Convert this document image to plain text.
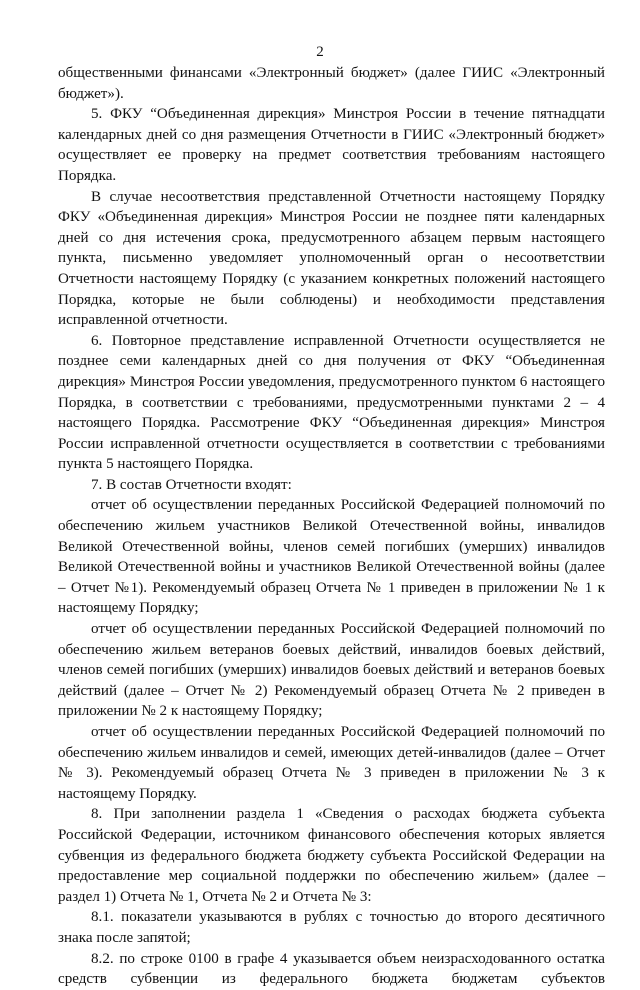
2

общественными финансами «Электронный бюджет» (далее ГИИС «Электронный бюджет»).

5. ФКУ “Объединенная дирекция» Минстроя России в течение пятнадцати календарных дней со дня размещения Отчетности в ГИИС «Электронный бюджет» осуществляет ее проверку на предмет соответствия требованиям настоящего Порядка.

В случае несоответствия представленной Отчетности настоящему Порядку ФКУ «Объединенная дирекция» Минстроя России не позднее пяти календарных дней со дня истечения срока, предусмотренного абзацем первым настоящего пункта, письменно уведомляет уполномоченный орган о несоответствии Отчетности настоящему Порядку (с указанием конкретных положений настоящего Порядка, которые не были соблюдены) и необходимости представления исправленной отчетности.

6. Повторное представление исправленной Отчетности осуществляется не позднее семи календарных дней со дня получения от ФКУ “Объединенная дирекция» Минстроя России уведомления, предусмотренного пунктом 6 настоящего Порядка, в соответствии с требованиями, предусмотренными пунктами 2 – 4 настоящего Порядка. Рассмотрение ФКУ “Объединенная дирекция» Минстроя России исправленной отчетности осуществляется в соответствии с требованиями пункта 5 настоящего Порядка.

7. В состав Отчетности входят:

отчет об осуществлении переданных Российской Федерацией полномочий по обеспечению жильем участников Великой Отечественной войны, инвалидов Великой Отечественной войны, членов семей погибших (умерших) инвалидов Великой Отечественной войны и участников Великой Отечественной войны (далее – Отчет №1). Рекомендуемый образец Отчета № 1 приведен в приложении № 1 к настоящему Порядку;

отчет об осуществлении переданных Российской Федерацией полномочий по обеспечению жильем ветеранов боевых действий, инвалидов боевых действий, членов семей погибших (умерших) инвалидов боевых действий и ветеранов боевых действий (далее – Отчет № 2) Рекомендуемый образец Отчета № 2 приведен в приложении № 2 к настоящему Порядку;

отчет об осуществлении переданных Российской Федерацией полномочий по обеспечению жильем инвалидов и семей, имеющих детей-инвалидов (далее – Отчет № 3). Рекомендуемый образец Отчета № 3 приведен в приложении № 3 к настоящему Порядку.

8. При заполнении раздела 1 «Сведения о расходах бюджета субъекта Российской Федерации, источником финансового обеспечения которых является субвенция из федерального бюджета бюджету субъекта Российской Федерации на предоставление мер социальной поддержки по обеспечению жильем» (далее – раздел 1) Отчета № 1, Отчета № 2 и Отчета № 3:

8.1. показатели указываются в рублях с точностью до второго десятичного знака после запятой;

8.2. по строке 0100 в графе 4 указывается объем неизрасходованного остатка средств субвенции из федерального бюджета бюджетам субъектов
